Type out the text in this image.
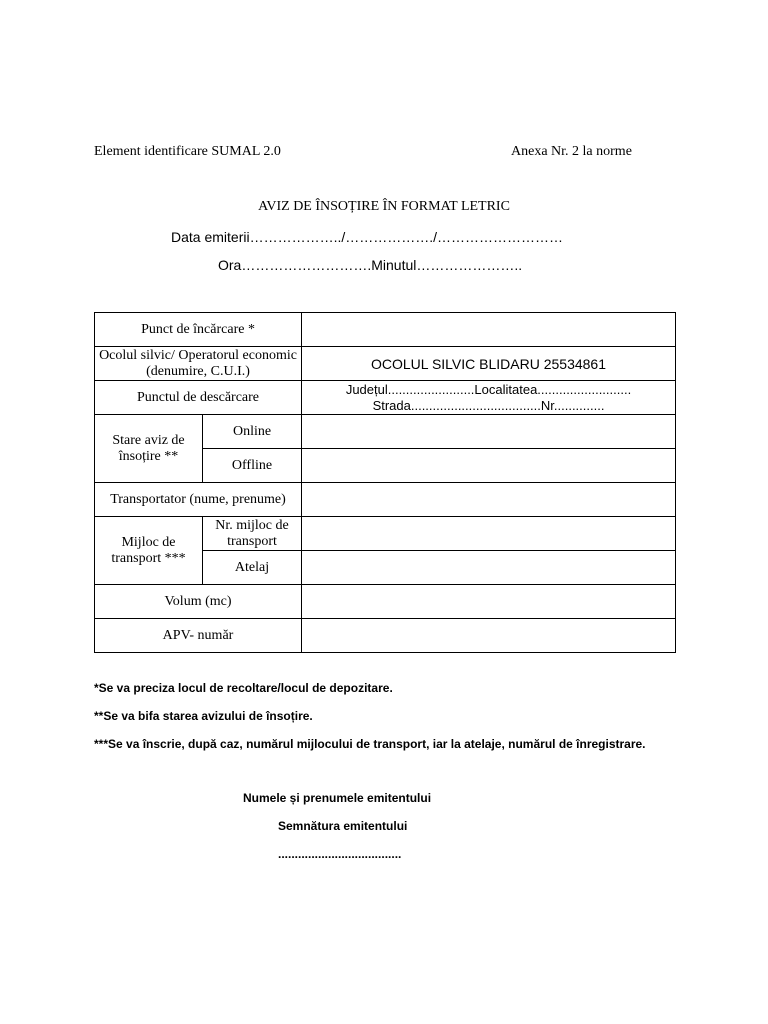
Element identificare SUMAL 2.0	Anexa Nr. 2 la norme
AVIZ DE ÎNSOȚIRE ÎN FORMAT LETRIC
Data emiterii………………../………………./………………………
Ora……………………….Minutul…………………..
Punct de încărcare *		
Ocolul silvic/ Operatorul economic (denumire, C.U.I.)		OCOLUL SILVIC BLIDARU 25534861
Punctul de descărcare		Județul........................Localitatea..........................
Strada....................................Nr..............

Stare aviz de însoțire **	Online	
	Offline	
Transportator (nume, prenume)		
Mijloc de transport ***	Nr. mijloc de transport	
	Atelaj	
Volum (mc)		
APV- număr		
*Se va preciza locul de recoltare/locul de depozitare.
**Se va bifa starea avizului de însoțire.
***Se va înscrie, după caz, numărul mijlocului de transport, iar la atelaje, numărul de înregistrare.
Numele și prenumele emitentului
Semnătura emitentului
.....................................
